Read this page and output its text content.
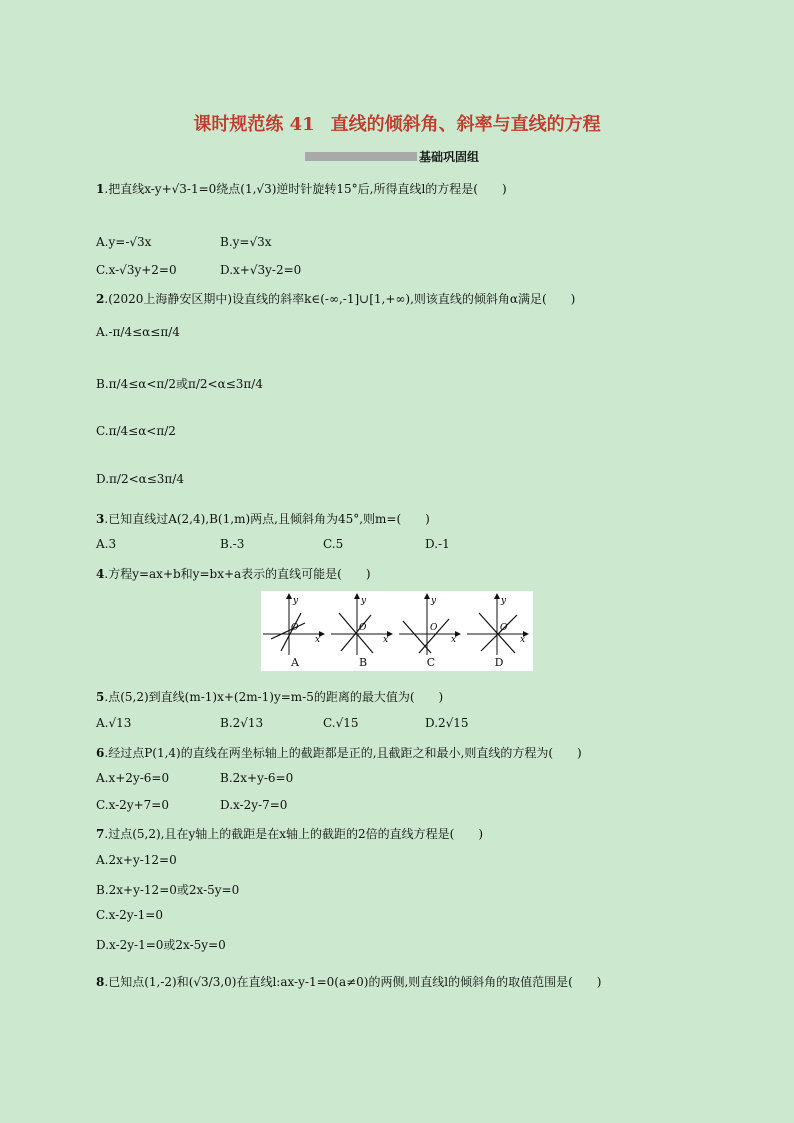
课时规范练 41 直线的倾斜角、斜率与直线的方程
基础巩固组
1.把直线x-y+√3-1=0绕点(1,√3)逆时针旋转15°后,所得直线l的方程是(　　)
A.y=-√3x	B.y=√3x
C.x-√3y+2=0	D.x+√3y-2=0
2.(2020上海静安区期中)设直线的斜率k∈(-∞,-1]∪[1,+∞),则该直线的倾斜角α满足(　　)
A.-π/4≤α≤π/4
B.π/4≤α<π/2或π/2<α≤3π/4
C.π/4≤α<π/2
D.π/2<α≤3π/4
3.已知直线过A(2,4),B(1,m)两点,且倾斜角为45°,则m=(　　)
A.3	B.-3	C.5	D.-1
4.方程y=ax+b和y=bx+a表示的直线可能是(　　)
y
O
x
A
y
O
x
B
y
O
x
C
y
O
x
D
5.点(5,2)到直线(m-1)x+(2m-1)y=m-5的距离的最大值为(　　)
A.√13	B.2√13	C.√15	D.2√15
6.经过点P(1,4)的直线在两坐标轴上的截距都是正的,且截距之和最小,则直线的方程为(　　)
A.x+2y-6=0	B.2x+y-6=0
C.x-2y+7=0	D.x-2y-7=0
7.过点(5,2),且在y轴上的截距是在x轴上的截距的2倍的直线方程是(　　)
A.2x+y-12=0
B.2x+y-12=0或2x-5y=0
C.x-2y-1=0
D.x-2y-1=0或2x-5y=0
8.已知点(1,-2)和(√3/3,0)在直线l:ax-y-1=0(a≠0)的两侧,则直线l的倾斜角的取值范围是(　　)
